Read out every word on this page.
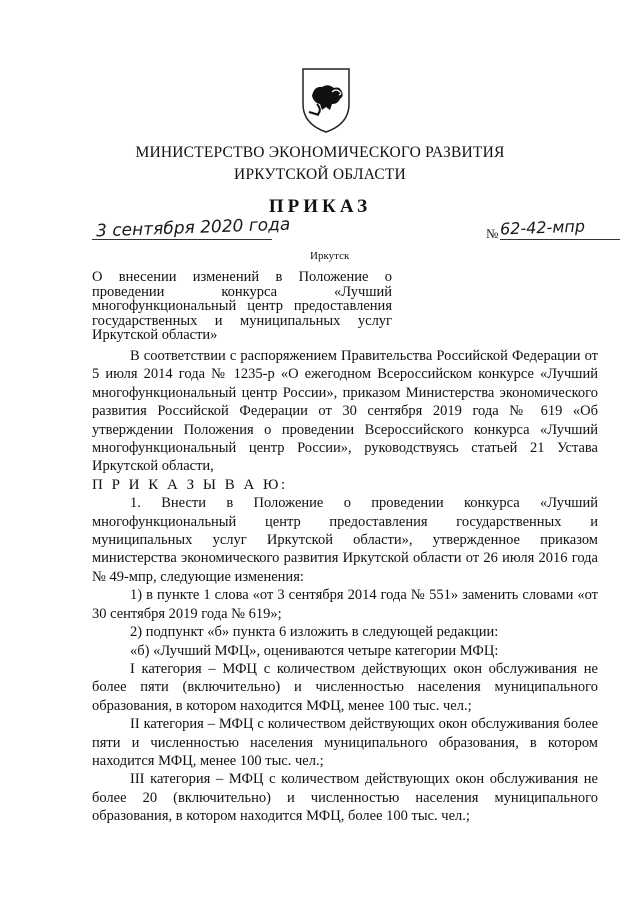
МИНИСТЕРСТВО ЭКОНОМИЧЕСКОГО РАЗВИТИЯ
ИРКУТСКОЙ ОБЛАСТИ
ПРИКАЗ
3 сентября 2020 года	№ 62-42-мпр
Иркутск
О внесении изменений в Положение о проведении конкурса «Лучший многофункциональный центр предоставления государственных и муниципальных услуг Иркутской области»

В соответствии с распоряжением Правительства Российской Федерации от 5 июля 2014 года № 1235-р «О ежегодном Всероссийском конкурсе «Лучший многофункциональный центр России», приказом Министерства экономического развития Российской Федерации от 30 сентября 2019 года № 619 «Об утверждении Положения о проведении Всероссийского конкурса «Лучший многофункциональный центр России», руководствуясь статьей 21 Устава Иркутской области,

П Р И К А З Ы В А Ю:

1. Внести в Положение о проведении конкурса «Лучший многофункциональный центр предоставления государственных и муниципальных услуг Иркутской области», утвержденное приказом министерства экономического развития Иркутской области от 26 июля 2016 года № 49-мпр, следующие изменения:

1) в пункте 1 слова «от 3 сентября 2014 года № 551» заменить словами «от 30 сентября 2019 года № 619»;

2) подпункт «б» пункта 6 изложить в следующей редакции:

«б) «Лучший МФЦ», оцениваются четыре категории МФЦ:

I категория – МФЦ с количеством действующих окон обслуживания не более пяти (включительно) и численностью населения муниципального образования, в котором находится МФЦ, менее 100 тыс. чел.;

II категория – МФЦ с количеством действующих окон обслуживания более пяти и численностью населения муниципального образования, в котором находится МФЦ, менее 100 тыс. чел.;

III категория – МФЦ с количеством действующих окон обслуживания не более 20 (включительно) и численностью населения муниципального образования, в котором находится МФЦ, более 100 тыс. чел.;
